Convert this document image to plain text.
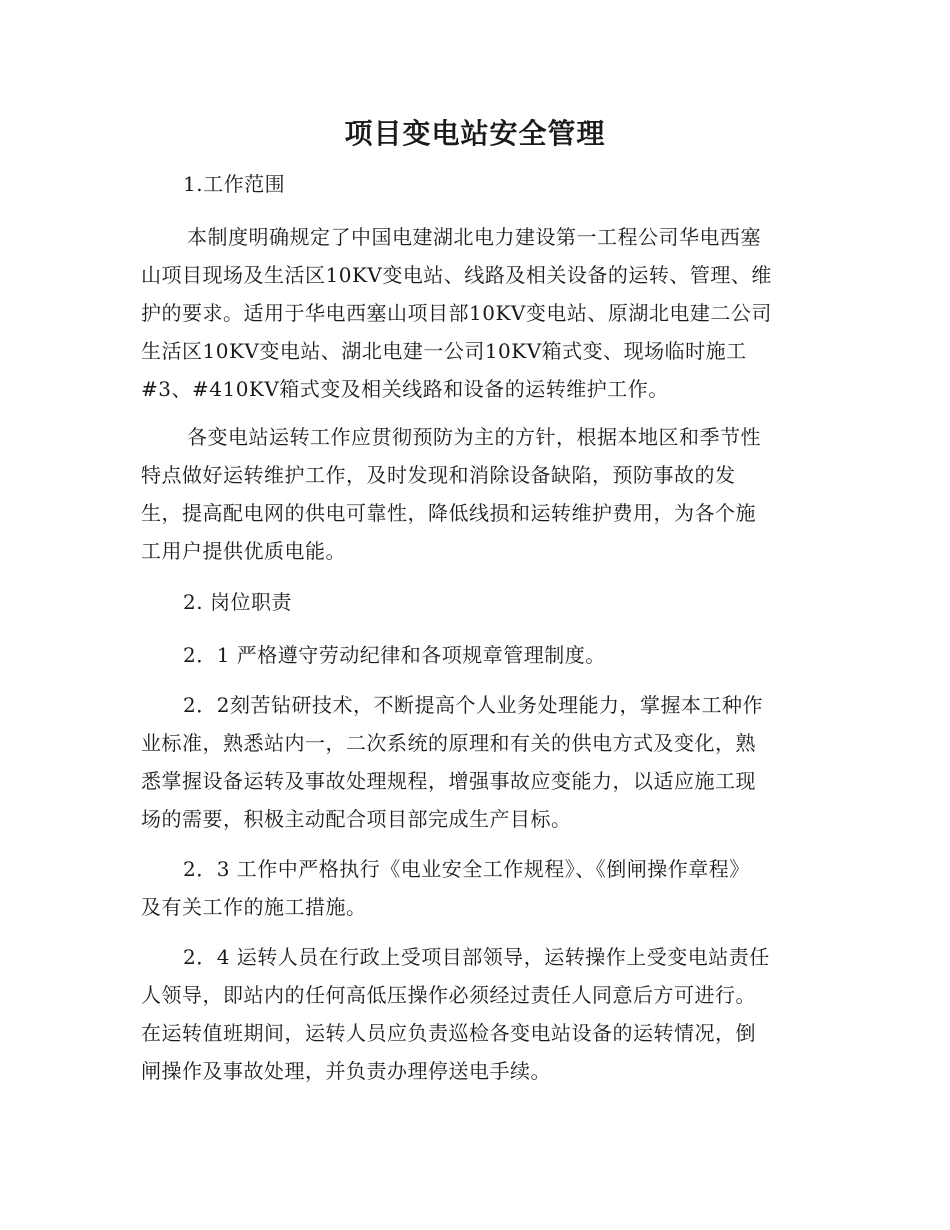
项目变电站安全管理

1.工作范围

本制度明确规定了中国电建湖北电力建设第一工程公司华电西塞

山项目现场及生活区10KV变电站、线路及相关设备的运转、管理、维

护的要求。适用于华电西塞山项目部10KV变电站、原湖北电建二公司

生活区10KV变电站、湖北电建一公司10KV箱式变、现场临时施工

#3、#410KV箱式变及相关线路和设备的运转维护工作。

各变电站运转工作应贯彻预防为主的方针，根据本地区和季节性

特点做好运转维护工作，及时发现和消除设备缺陷，预防事故的发

生，提高配电网的供电可靠性，降低线损和运转维护费用，为各个施

工用户提供优质电能。

2. 岗位职责

2．1 严格遵守劳动纪律和各项规章管理制度。

2．2刻苦钻研技术，不断提高个人业务处理能力，掌握本工种作

业标准，熟悉站内一，二次系统的原理和有关的供电方式及变化，熟

悉掌握设备运转及事故处理规程，增强事故应变能力，以适应施工现

场的需要，积极主动配合项目部完成生产目标。

2．3 工作中严格执行《电业安全工作规程》、《倒闸操作章程》

及有关工作的施工措施。

2．4 运转人员在行政上受项目部领导，运转操作上受变电站责任

人领导，即站内的任何高低压操作必须经过责任人同意后方可进行。

在运转值班期间，运转人员应负责巡检各变电站设备的运转情况，倒

闸操作及事故处理，并负责办理停送电手续。
